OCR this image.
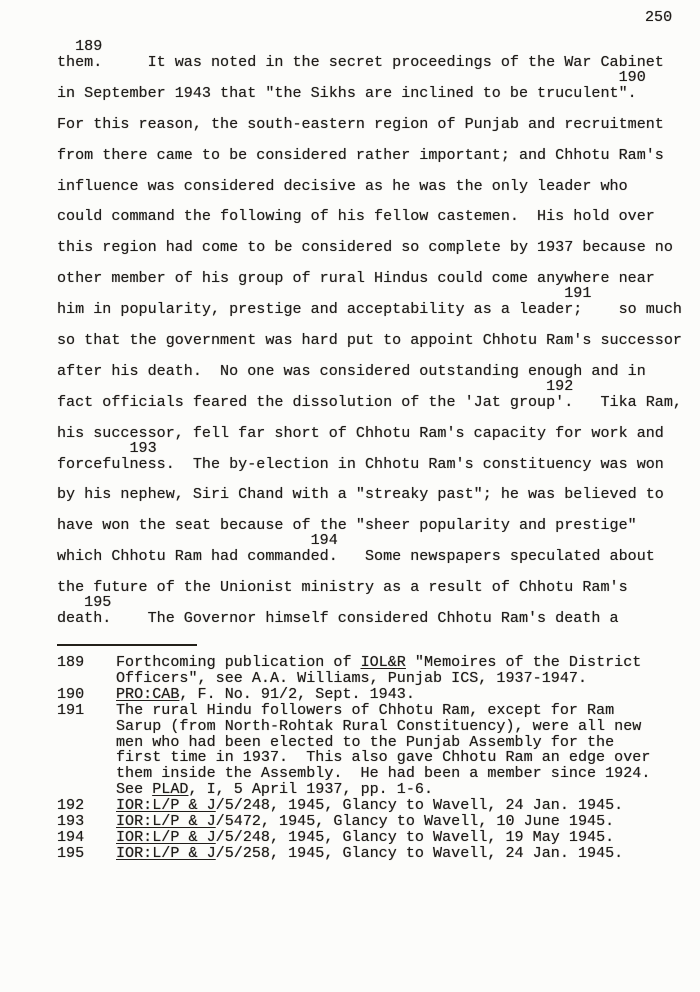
250
them.     It was noted in the secret proceedings of the War Cabinet
189
in September 1943 that "the Sikhs are inclined to be truculent".
190
For this reason, the south-eastern region of Punjab and recruitment
from there came to be considered rather important; and Chhotu Ram's
influence was considered decisive as he was the only leader who
could command the following of his fellow castemen.  His hold over
this region had come to be considered so complete by 1937 because no
other member of his group of rural Hindus could come anywhere near
him in popularity, prestige and acceptability as a leader;    so much
191
so that the government was hard put to appoint Chhotu Ram's successor
after his death.  No one was considered outstanding enough and in
fact officials feared the dissolution of the 'Jat group'.   Tika Ram,
192
his successor, fell far short of Chhotu Ram's capacity for work and
forcefulness.  The by-election in Chhotu Ram's constituency was won
193
by his nephew, Siri Chand with a "streaky past"; he was believed to
have won the seat because of the "sheer popularity and prestige"
which Chhotu Ram had commanded.   Some newspapers speculated about
194
the future of the Unionist ministry as a result of Chhotu Ram's
death.    The Governor himself considered Chhotu Ram's death a
195
189	Forthcoming publication of IOL&R "Memoires of the District
Officers", see A.A. Williams, Punjab ICS, 1937-1947.
190	PRO:CAB, F. No. 91/2, Sept. 1943.
191	The rural Hindu followers of Chhotu Ram, except for Ram
Sarup (from North-Rohtak Rural Constituency), were all new
men who had been elected to the Punjab Assembly for the
first time in 1937.  This also gave Chhotu Ram an edge over
them inside the Assembly.  He had been a member since 1924.
See PLAD, I, 5 April 1937, pp. 1-6.
192	IOR:L/P & J/5/248, 1945, Glancy to Wavell, 24 Jan. 1945.
193	IOR:L/P & J/5472, 1945, Glancy to Wavell, 10 June 1945.
194	IOR:L/P & J/5/248, 1945, Glancy to Wavell, 19 May 1945.
195	IOR:L/P & J/5/258, 1945, Glancy to Wavell, 24 Jan. 1945.
